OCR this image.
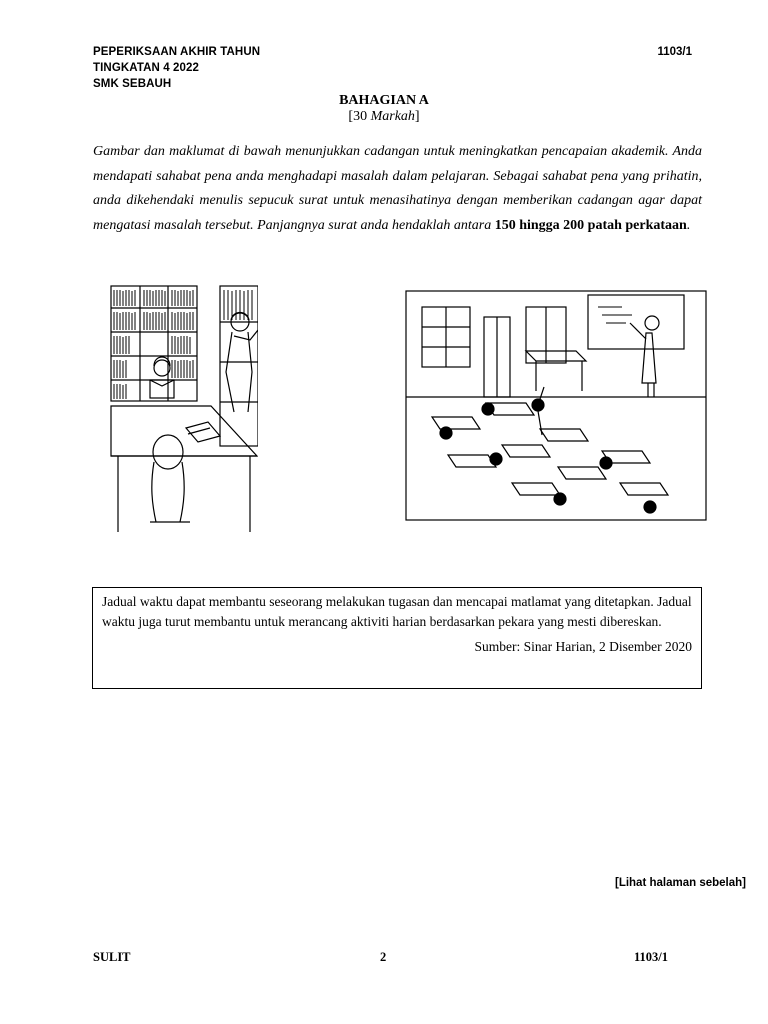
PEPERIKSAAN AKHIR TAHUN
TINGKATAN 4 2022
SMK SEBAUH
1103/1
BAHAGIAN A
[30 Markah]
Gambar dan maklumat di bawah menunjukkan cadangan untuk meningkatkan pencapaian akademik. Anda mendapati sahabat pena anda menghadapi masalah dalam pelajaran. Sebagai sahabat pena yang prihatin, anda dikehendaki menulis sepucuk surat untuk menasihatinya dengan memberikan cadangan agar dapat mengatasi masalah tersebut. Panjangnya surat anda hendaklah antara 150 hingga 200 patah perkataan.
Jadual waktu dapat membantu seseorang melakukan tugasan dan mencapai matlamat yang ditetapkan. Jadual waktu juga turut membantu untuk merancang aktiviti harian berdasarkan pekara yang mesti dibereskan.
Sumber: Sinar Harian, 2 Disember 2020
[Lihat halaman sebelah]
SULIT	2	1103/1
